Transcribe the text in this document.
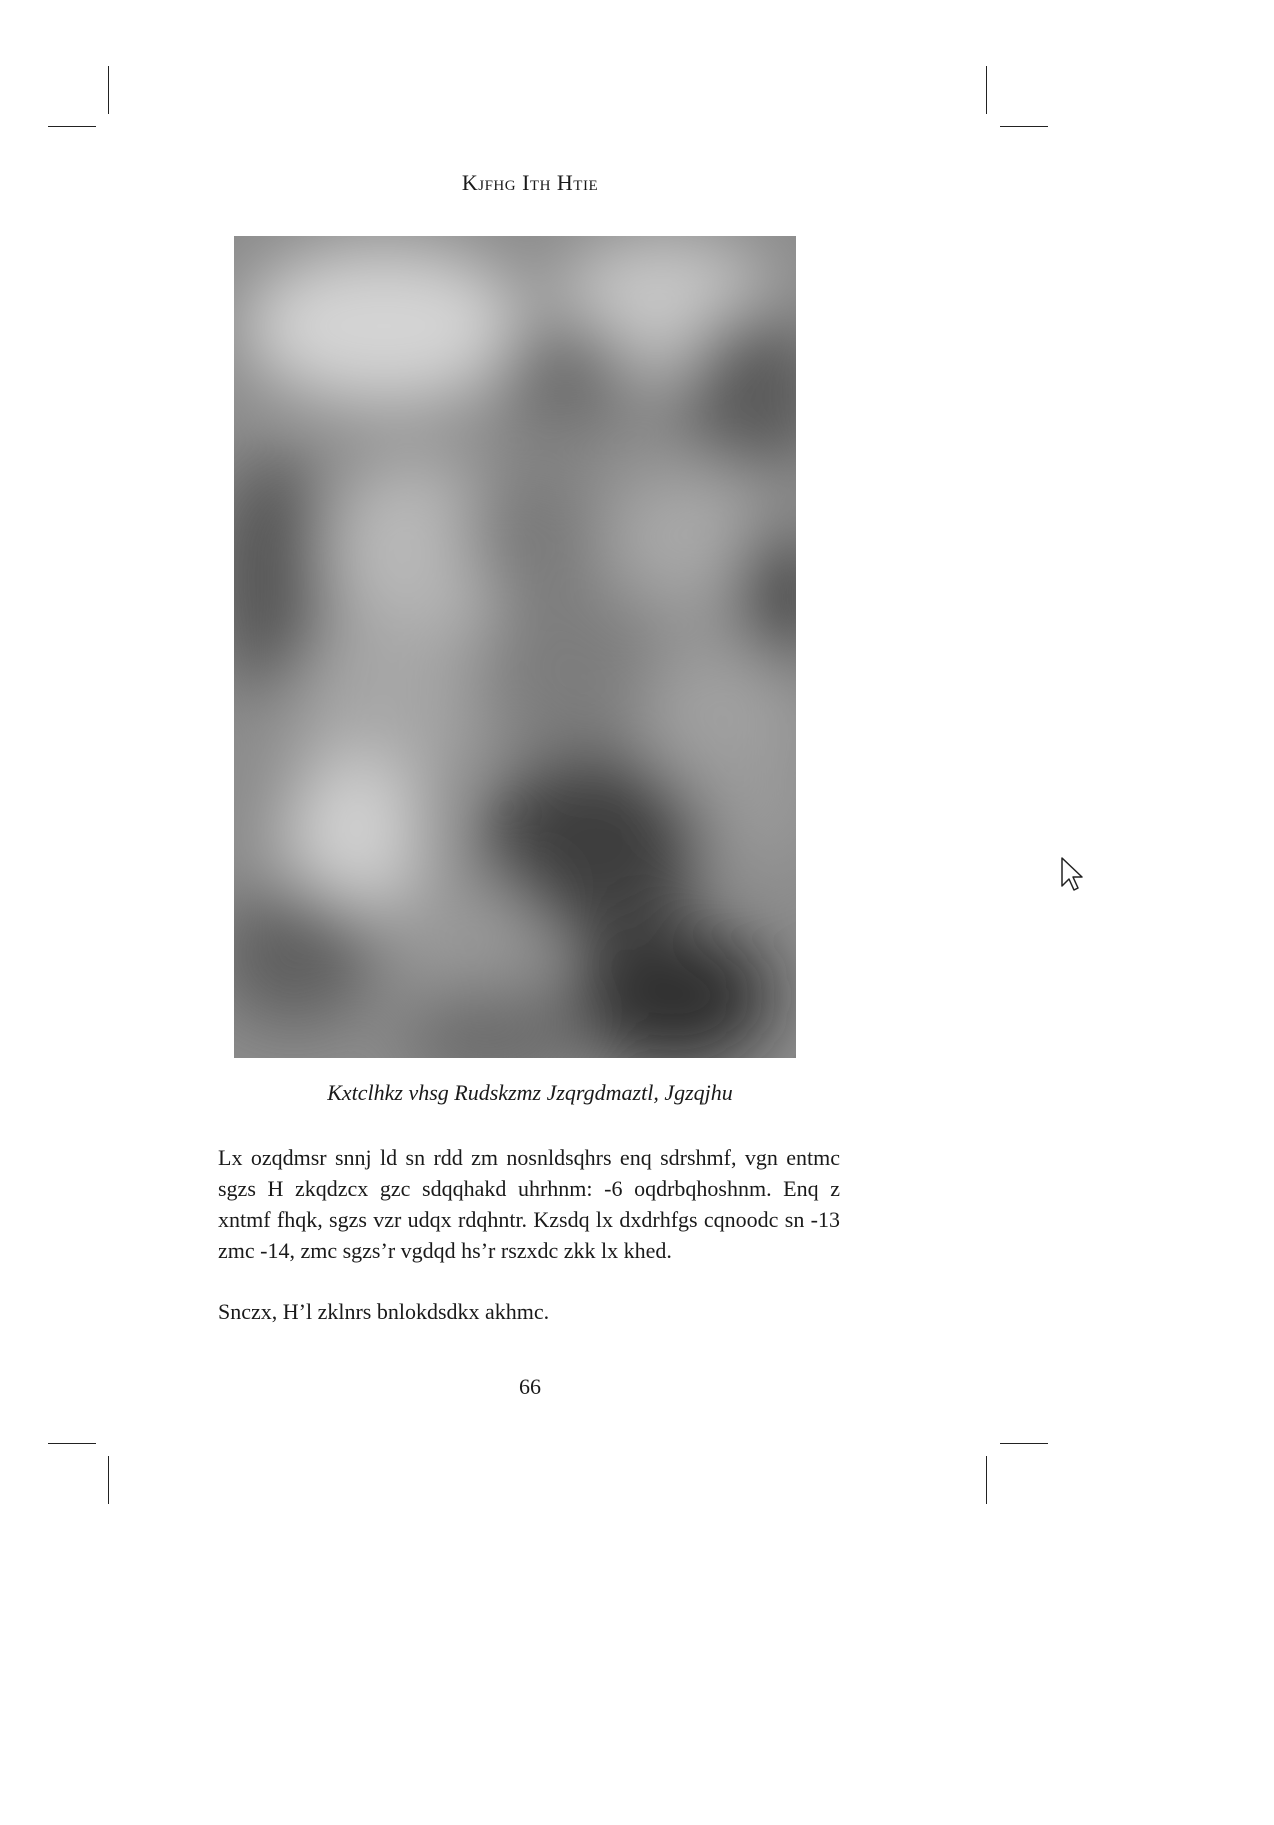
Kjfhg Ith Htie
Kxtclhkz vhsg Rudskzmz Jzqrgdmaztl, Jgzqjhu

Lx ozqdmsr snnj ld sn rdd zm nosnldsqhrs enq sdrshmf, vgn entmc sgzs H zkqdzcx gzc sdqqhakd uhrhnm: -6 oqdrbqhoshnm. Enq z xntmf fhqk, sgzs vzr udqx rdqhntr. Kzsdq lx dxdrhfgs cqnoodc sn -13 zmc -14, zmc sgzs’r vgdqd hs’r rszxdc zkk lx khed.

Snczx, H’l zklnrs bnlokdsdkx akhmc.

66
